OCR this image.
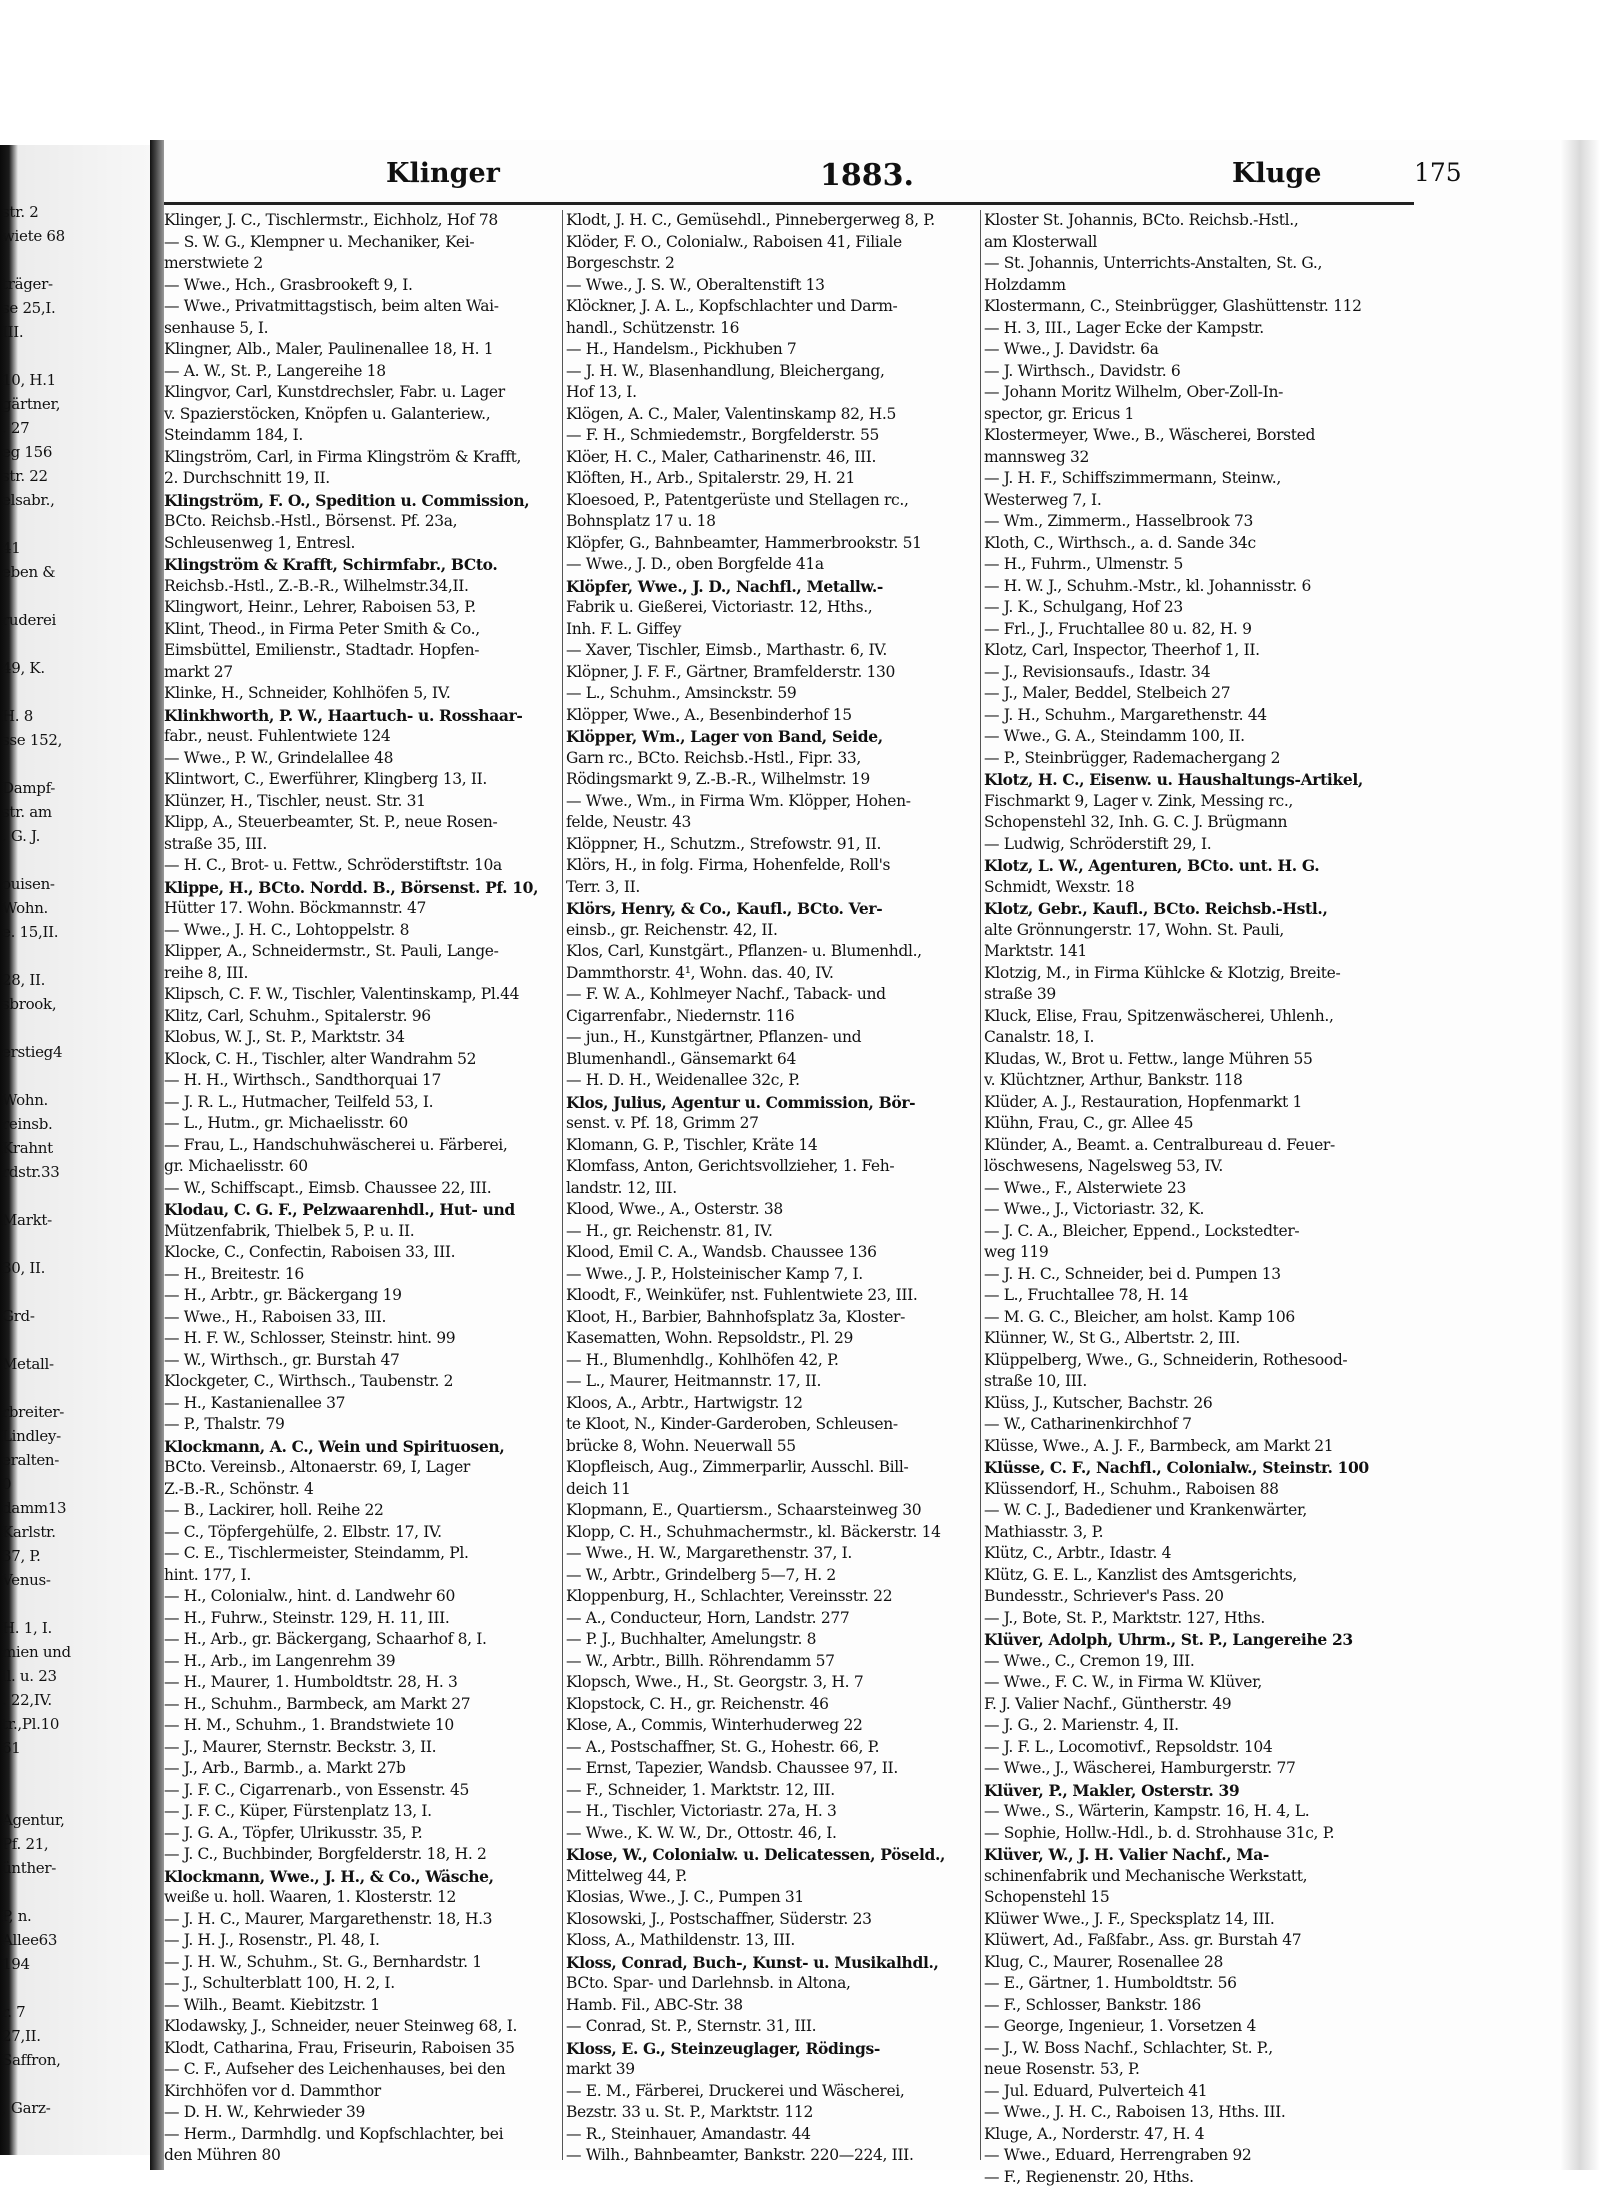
str. 2
wiete 68

träger-
se 25,I.
III.

10, H.1
gärtner,
. 27
eg 156
str. 22
elsabr.,

41
eben &

ruderei

49, K.

H. 8
sse 152,

Dampf-
str. am
. G. J.

ouisen-
Wohn.
e. 15,II.

28, II.
sbrook,

erstieg4

Wohn.
reinsb.
Krahnt
rdstr.33

Markt-

30, II.

Grd-

Metall-

rbreiter-
Lindley-
eralten-
0
damm13
Karlstr.
37, P.
Venus-

H. 1, I.
mien und
ll. u. 23
. 22,IV.
tr.,Pl.10
61

Agentur,
Pf. 21,
ünther-

P, n.
Allee63
194

r. 7
27,II.
Saffron,

, Garz-
Klinger	1883.	Kluge	175
Klinger, J. C., Tischlermstr., Eichholz, Hof 78
— S. W. G., Klempner u. Mechaniker, Kei-
merstwiete 2
— Wwe., Hch., Grasbrookeft 9, I.
— Wwe., Privatmittagstisch, beim alten Wai-
senhause 5, I.
Klingner, Alb., Maler, Paulinenallee 18, H. 1
— A. W., St. P., Langereihe 18
Klingvor, Carl, Kunstdrechsler, Fabr. u. Lager
v. Spazierstöcken, Knöpfen u. Galanteriew.,
Steindamm 184, I.
Klingström, Carl, in Firma Klingström & Krafft,
2. Durchschnitt 19, II.
Klingström, F. O., Spedition u. Commission,
BCto. Reichsb.-Hstl., Börsenst. Pf. 23a,
Schleusenweg 1, Entresl.
Klingström & Krafft, Schirmfabr., BCto.
Reichsb.-Hstl., Z.-B.-R., Wilhelmstr.34,II.
Klingwort, Heinr., Lehrer, Raboisen 53, P.
Klint, Theod., in Firma Peter Smith & Co.,
Eimsbüttel, Emilienstr., Stadtadr. Hopfen-
markt 27
Klinke, H., Schneider, Kohlhöfen 5, IV.
Klinkhworth, P. W., Haartuch- u. Rosshaar-
fabr., neust. Fuhlentwiete 124
— Wwe., P. W., Grindelallee 48
Klintwort, C., Ewerführer, Klingberg 13, II.
Klünzer, H., Tischler, neust. Str. 31
Klipp, A., Steuerbeamter, St. P., neue Rosen-
straße 35, III.
— H. C., Brot- u. Fettw., Schröderstiftstr. 10a
Klippe, H., BCto. Nordd. B., Börsenst. Pf. 10,
Hütter 17. Wohn. Böckmannstr. 47
— Wwe., J. H. C., Lohtoppelstr. 8
Klipper, A., Schneidermstr., St. Pauli, Lange-
reihe 8, III.
Klipsch, C. F. W., Tischler, Valentinskamp, Pl.44
Klitz, Carl, Schuhm., Spitalerstr. 96
Klobus, W. J., St. P., Marktstr. 34
Klock, C. H., Tischler, alter Wandrahm 52
— H. H., Wirthsch., Sandthorquai 17
— J. R. L., Hutmacher, Teilfeld 53, I.
— L., Hutm., gr. Michaelisstr. 60
— Frau, L., Handschuhwäscherei u. Färberei,
gr. Michaelisstr. 60
— W., Schiffscapt., Eimsb. Chaussee 22, III.
Klodau, C. G. F., Pelzwaarenhdl., Hut- und
Mützenfabrik, Thielbek 5, P. u. II.
Klocke, C., Confectin, Raboisen 33, III.
— H., Breitestr. 16
— H., Arbtr., gr. Bäckergang 19
— Wwe., H., Raboisen 33, III.
— H. F. W., Schlosser, Steinstr. hint. 99
— W., Wirthsch., gr. Burstah 47
Klockgeter, C., Wirthsch., Taubenstr. 2
— H., Kastanienallee 37
— P., Thalstr. 79
Klockmann, A. C., Wein und Spirituosen,
BCto. Vereinsb., Altonaerstr. 69, I, Lager
Z.-B.-R., Schönstr. 4
— B., Lackirer, holl. Reihe 22
— C., Töpfergehülfe, 2. Elbstr. 17, IV.
— C. E., Tischlermeister, Steindamm, Pl.
hint. 177, I.
— H., Colonialw., hint. d. Landwehr 60
— H., Fuhrw., Steinstr. 129, H. 11, III.
— H., Arb., gr. Bäckergang, Schaarhof 8, I.
— H., Arb., im Langenrehm 39
— H., Maurer, 1. Humboldtstr. 28, H. 3
— H., Schuhm., Barmbeck, am Markt 27
— H. M., Schuhm., 1. Brandstwiete 10
— J., Maurer, Sternstr. Beckstr. 3, II.
— J., Arb., Barmb., a. Markt 27b
— J. F. C., Cigarrenarb., von Essenstr. 45
— J. F. C., Küper, Fürstenplatz 13, I.
— J. G. A., Töpfer, Ulrikusstr. 35, P.
— J. C., Buchbinder, Borgfelderstr. 18, H. 2
Klockmann, Wwe., J. H., & Co., Wäsche,
weiße u. holl. Waaren, 1. Klosterstr. 12
— J. H. C., Maurer, Margarethenstr. 18, H.3
— J. H. J., Rosenstr., Pl. 48, I.
— J. H. W., Schuhm., St. G., Bernhardstr. 1
— J., Schulterblatt 100, H. 2, I.
— Wilh., Beamt. Kiebitzstr. 1
Klodawsky, J., Schneider, neuer Steinweg 68, I.
Klodt, Catharina, Frau, Friseurin, Raboisen 35
— C. F., Aufseher des Leichenhauses, bei den
Kirchhöfen vor d. Dammthor
— D. H. W., Kehrwieder 39
— Herm., Darmhdlg. und Kopfschlachter, bei
den Mühren 80
Klodt, J. H. C., Gemüsehdl., Pinnebergerweg 8, P.
Klöder, F. O., Colonialw., Raboisen 41, Filiale
Borgeschstr. 2
— Wwe., J. S. W., Oberaltenstift 13
Klöckner, J. A. L., Kopfschlachter und Darm-
handl., Schützenstr. 16
— H., Handelsm., Pickhuben 7
— J. H. W., Blasenhandlung, Bleichergang,
Hof 13, I.
Klögen, A. C., Maler, Valentinskamp 82, H.5
— F. H., Schmiedemstr., Borgfelderstr. 55
Klöer, H. C., Maler, Catharinenstr. 46, III.
Klöften, H., Arb., Spitalerstr. 29, H. 21
Kloesoed, P., Patentgerüste und Stellagen rc.,
Bohnsplatz 17 u. 18
Klöpfer, G., Bahnbeamter, Hammerbrookstr. 51
— Wwe., J. D., oben Borgfelde 41a
Klöpfer, Wwe., J. D., Nachfl., Metallw.-
Fabrik u. Gießerei, Victoriastr. 12, Hths.,
Inh. F. L. Giffey
— Xaver, Tischler, Eimsb., Marthastr. 6, IV.
Klöpner, J. F. F., Gärtner, Bramfelderstr. 130
— L., Schuhm., Amsinckstr. 59
Klöpper, Wwe., A., Besenbinderhof 15
Klöpper, Wm., Lager von Band, Seide,
Garn rc., BCto. Reichsb.-Hstl., Fipr. 33,
Rödingsmarkt 9, Z.-B.-R., Wilhelmstr. 19
— Wwe., Wm., in Firma Wm. Klöpper, Hohen-
felde, Neustr. 43
Klöppner, H., Schutzm., Strefowstr. 91, II.
Klörs, H., in folg. Firma, Hohenfelde, Roll's
Terr. 3, II.
Klörs, Henry, & Co., Kaufl., BCto. Ver-
einsb., gr. Reichenstr. 42, II.
Klos, Carl, Kunstgärt., Pflanzen- u. Blumenhdl.,
Dammthorstr. 4¹, Wohn. das. 40, IV.
— F. W. A., Kohlmeyer Nachf., Taback- und
Cigarrenfabr., Niedernstr. 116
— jun., H., Kunstgärtner, Pflanzen- und
Blumenhandl., Gänsemarkt 64
— H. D. H., Weidenallee 32c, P.
Klos, Julius, Agentur u. Commission, Bör-
senst. v. Pf. 18, Grimm 27
Klomann, G. P., Tischler, Kräte 14
Klomfass, Anton, Gerichtsvollzieher, 1. Feh-
landstr. 12, III.
Klood, Wwe., A., Osterstr. 38
— H., gr. Reichenstr. 81, IV.
Klood, Emil C. A., Wandsb. Chaussee 136
— Wwe., J. P., Holsteinischer Kamp 7, I.
Kloodt, F., Weinküfer, nst. Fuhlentwiete 23, III.
Kloot, H., Barbier, Bahnhofsplatz 3a, Kloster-
Kasematten, Wohn. Repsoldstr., Pl. 29
— H., Blumenhdlg., Kohlhöfen 42, P.
— L., Maurer, Heitmannstr. 17, II.
Kloos, A., Arbtr., Hartwigstr. 12
te Kloot, N., Kinder-Garderoben, Schleusen-
brücke 8, Wohn. Neuerwall 55
Klopfleisch, Aug., Zimmerparlir, Ausschl. Bill-
deich 11
Klopmann, E., Quartiersm., Schaarsteinweg 30
Klopp, C. H., Schuhmachermstr., kl. Bäckerstr. 14
— Wwe., H. W., Margarethenstr. 37, I.
— W., Arbtr., Grindelberg 5—7, H. 2
Kloppenburg, H., Schlachter, Vereinsstr. 22
— A., Conducteur, Horn, Landstr. 277
— P. J., Buchhalter, Amelungstr. 8
— W., Arbtr., Billh. Röhrendamm 57
Klopsch, Wwe., H., St. Georgstr. 3, H. 7
Klopstock, C. H., gr. Reichenstr. 46
Klose, A., Commis, Winterhuderweg 22
— A., Postschaffner, St. G., Hohestr. 66, P.
— Ernst, Tapezier, Wandsb. Chaussee 97, II.
— F., Schneider, 1. Marktstr. 12, III.
— H., Tischler, Victoriastr. 27a, H. 3
— Wwe., K. W. W., Dr., Ottostr. 46, I.
Klose, W., Colonialw. u. Delicatessen, Pöseld.,
Mittelweg 44, P.
Klosias, Wwe., J. C., Pumpen 31
Klosowski, J., Postschaffner, Süderstr. 23
Kloss, A., Mathildenstr. 13, III.
Kloss, Conrad, Buch-, Kunst- u. Musikalhdl.,
BCto. Spar- und Darlehnsb. in Altona,
Hamb. Fil., ABC-Str. 38
— Conrad, St. P., Sternstr. 31, III.
Kloss, E. G., Steinzeuglager, Rödings-
markt 39
— E. M., Färberei, Druckerei und Wäscherei,
Bezstr. 33 u. St. P., Marktstr. 112
— R., Steinhauer, Amandastr. 44
— Wilh., Bahnbeamter, Bankstr. 220—224, III.
Kloster St. Johannis, BCto. Reichsb.-Hstl.,
am Klosterwall
— St. Johannis, Unterrichts-Anstalten, St. G.,
Holzdamm
Klostermann, C., Steinbrügger, Glashüttenstr. 112
— H. 3, III., Lager Ecke der Kampstr.
— Wwe., J. Davidstr. 6a
— J. Wirthsch., Davidstr. 6
— Johann Moritz Wilhelm, Ober-Zoll-In-
spector, gr. Ericus 1
Klostermeyer, Wwe., B., Wäscherei, Borsted
mannsweg 32
— J. H. F., Schiffszimmermann, Steinw.,
Westerweg 7, I.
— Wm., Zimmerm., Hasselbrook 73
Kloth, C., Wirthsch., a. d. Sande 34c
— H., Fuhrm., Ulmenstr. 5
— H. W. J., Schuhm.-Mstr., kl. Johannisstr. 6
— J. K., Schulgang, Hof 23
— Frl., J., Fruchtallee 80 u. 82, H. 9
Klotz, Carl, Inspector, Theerhof 1, II.
— J., Revisionsaufs., Idastr. 34
— J., Maler, Beddel, Stelbeich 27
— J. H., Schuhm., Margarethenstr. 44
— Wwe., G. A., Steindamm 100, II.
— P., Steinbrügger, Rademachergang 2
Klotz, H. C., Eisenw. u. Haushaltungs-Artikel,
Fischmarkt 9, Lager v. Zink, Messing rc.,
Schopenstehl 32, Inh. G. C. J. Brügmann
— Ludwig, Schröderstift 29, I.
Klotz, L. W., Agenturen, BCto. unt. H. G.
Schmidt, Wexstr. 18
Klotz, Gebr., Kaufl., BCto. Reichsb.-Hstl.,
alte Grönnungerstr. 17, Wohn. St. Pauli,
Marktstr. 141
Klotzig, M., in Firma Kühlcke & Klotzig, Breite-
straße 39
Kluck, Elise, Frau, Spitzenwäscherei, Uhlenh.,
Canalstr. 18, I.
Kludas, W., Brot u. Fettw., lange Mühren 55
v. Klüchtzner, Arthur, Bankstr. 118
Klüder, A. J., Restauration, Hopfenmarkt 1
Klühn, Frau, C., gr. Allee 45
Klünder, A., Beamt. a. Centralbureau d. Feuer-
löschwesens, Nagelsweg 53, IV.
— Wwe., F., Alsterwiete 23
— Wwe., J., Victoriastr. 32, K.
— J. C. A., Bleicher, Eppend., Lockstedter-
weg 119
— J. H. C., Schneider, bei d. Pumpen 13
— L., Fruchtallee 78, H. 14
— M. G. C., Bleicher, am holst. Kamp 106
Klünner, W., St G., Albertstr. 2, III.
Klüppelberg, Wwe., G., Schneiderin, Rothesood-
straße 10, III.
Klüss, J., Kutscher, Bachstr. 26
— W., Catharinenkirchhof 7
Klüsse, Wwe., A. J. F., Barmbeck, am Markt 21
Klüsse, C. F., Nachfl., Colonialw., Steinstr. 100
Klüssendorf, H., Schuhm., Raboisen 88
— W. C. J., Badediener und Krankenwärter,
Mathiasstr. 3, P.
Klütz, C., Arbtr., Idastr. 4
Klütz, G. E. L., Kanzlist des Amtsgerichts,
Bundesstr., Schriever's Pass. 20
— J., Bote, St. P., Marktstr. 127, Hths.
Klüver, Adolph, Uhrm., St. P., Langereihe 23
— Wwe., C., Cremon 19, III.
— Wwe., F. C. W., in Firma W. Klüver,
F. J. Valier Nachf., Güntherstr. 49
— J. G., 2. Marienstr. 4, II.
— J. F. L., Locomotivf., Repsoldstr. 104
— Wwe., J., Wäscherei, Hamburgerstr. 77
Klüver, P., Makler, Osterstr. 39
— Wwe., S., Wärterin, Kampstr. 16, H. 4, L.
— Sophie, Hollw.-Hdl., b. d. Strohhause 31c, P.
Klüver, W., J. H. Valier Nachf., Ma-
schinenfabrik und Mechanische Werkstatt,
Schopenstehl 15
Klüwer Wwe., J. F., Specksplatz 14, III.
Klüwert, Ad., Faßfabr., Ass. gr. Burstah 47
Klug, C., Maurer, Rosenallee 28
— E., Gärtner, 1. Humboldtstr. 56
— F., Schlosser, Bankstr. 186
— George, Ingenieur, 1. Vorsetzen 4
— J., W. Boss Nachf., Schlachter, St. P.,
neue Rosenstr. 53, P.
— Jul. Eduard, Pulverteich 41
— Wwe., J. H. C., Raboisen 13, Hths. III.
Kluge, A., Norderstr. 47, H. 4
— Wwe., Eduard, Herrengraben 92
— F., Regienenstr. 20, Hths.
